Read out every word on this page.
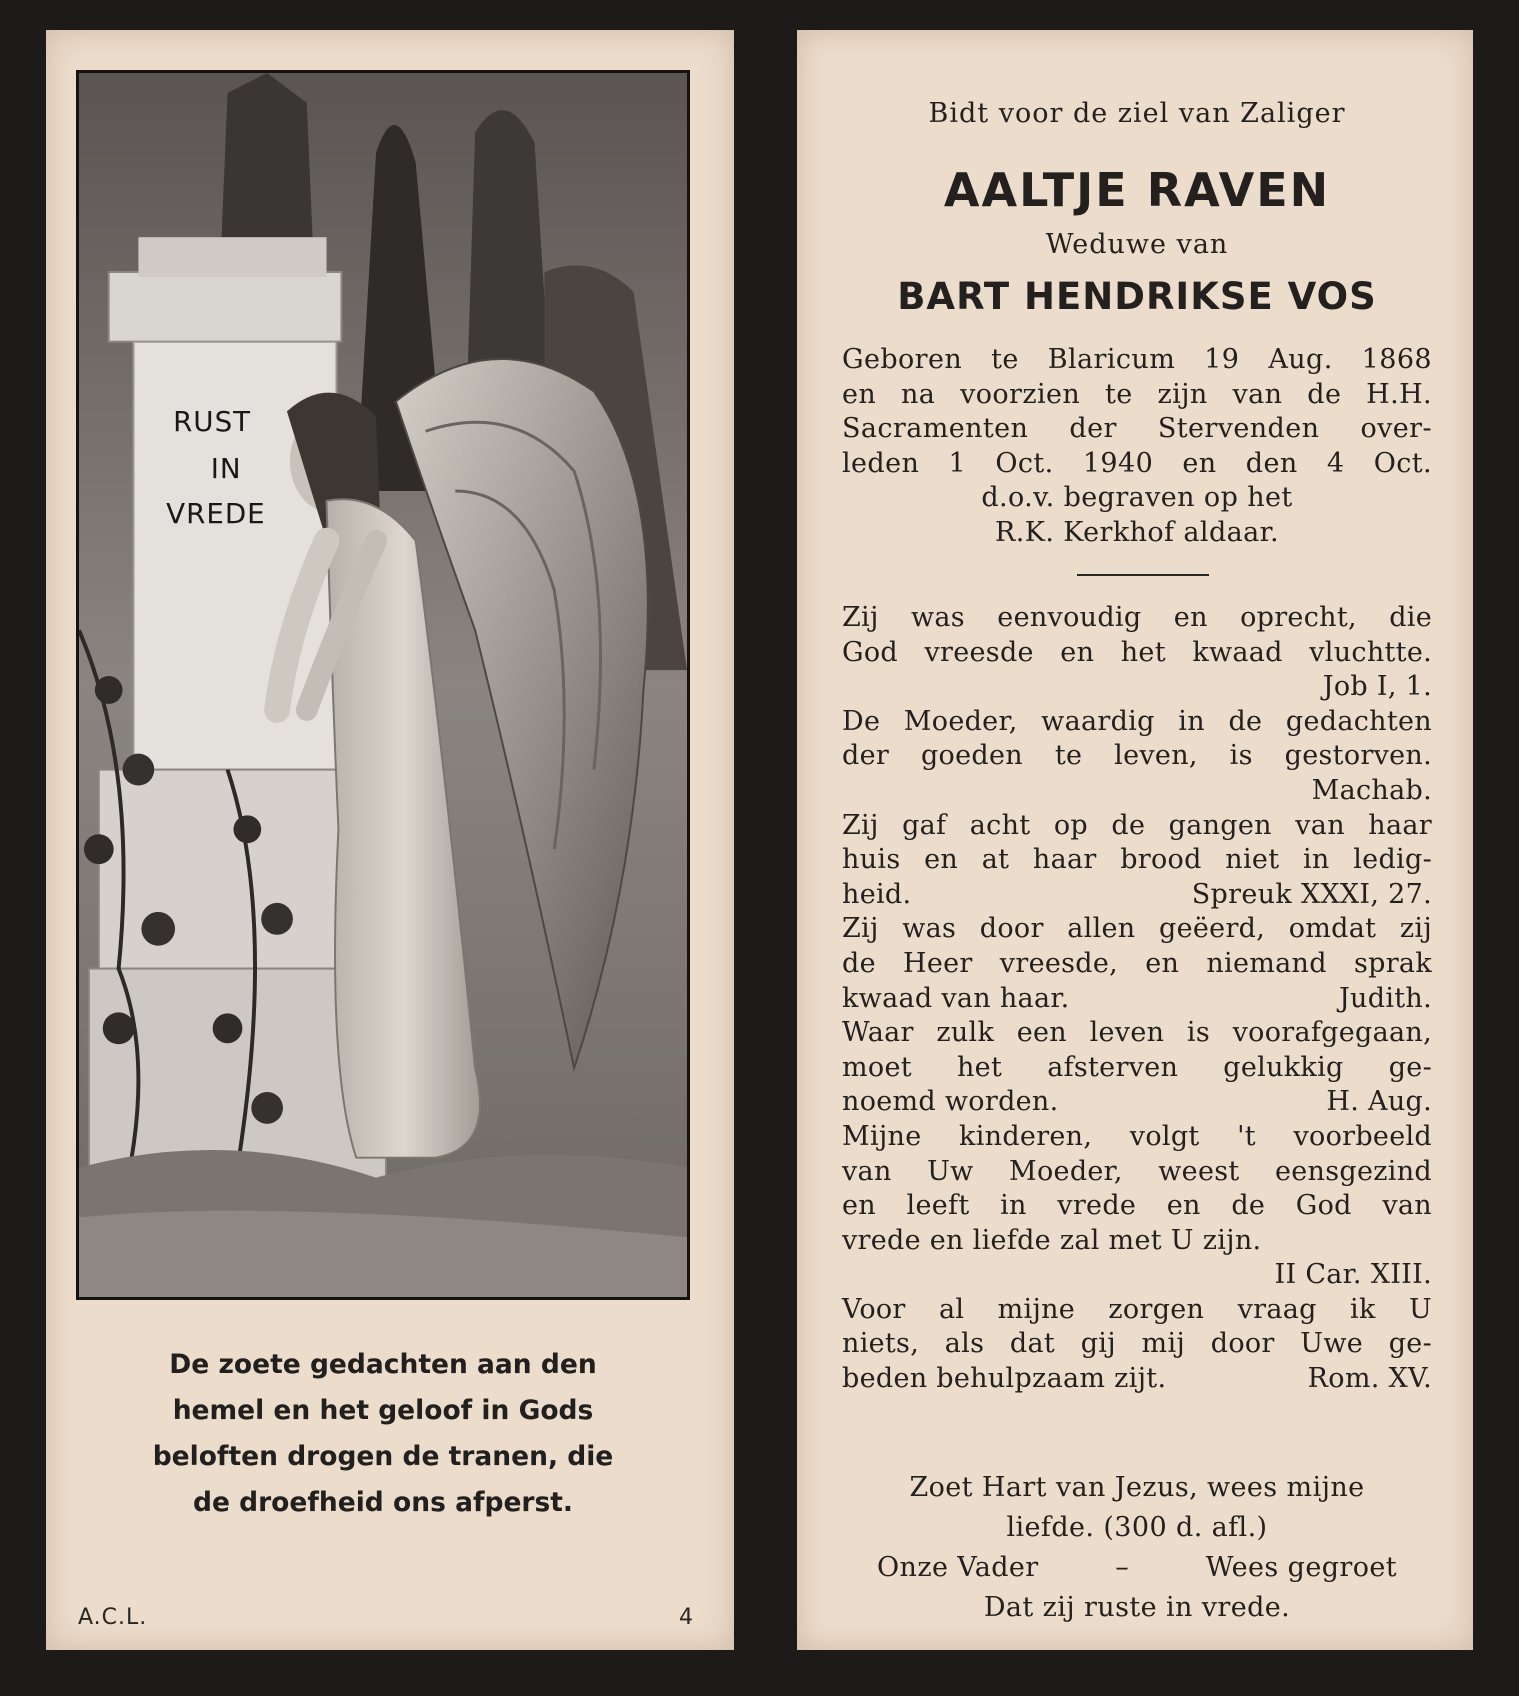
RUST
IN
VREDE
De zoete gedachten aan den
hemel en het geloof in Gods
beloften drogen de tranen, die
de droefheid ons afperst.
A.C.L.	4
Bidt voor de ziel van Zaliger
AALTJE RAVEN
Weduwe van
BART HENDRIKSE VOS
Geboren te Blaricum 19 Aug. 1868
en na voorzien te zijn van de H.H.
Sacramenten der Stervenden over-
leden 1 Oct. 1940 en den 4 Oct.
d.o.v. begraven op het
R.K. Kerkhof aldaar.
Zij was eenvoudig en oprecht, die
God vreesde en het kwaad vluchtte.
Job I, 1.
De Moeder, waardig in de gedachten
der goeden te leven, is gestorven.
Machab.
Zij gaf acht op de gangen van haar
huis en at haar brood niet in ledig-
heid.	Spreuk XXXI, 27.
Zij was door allen geëerd, omdat zij
de Heer vreesde, en niemand sprak
kwaad van haar.	Judith.
Waar zulk een leven is voorafgegaan,
moet het afsterven gelukkig ge-
noemd worden.	H. Aug.
Mijne kinderen, volgt 't voorbeeld
van Uw Moeder, weest eensgezind
en leeft in vrede en de God van
vrede en liefde zal met U zijn.
II Car. XIII.
Voor al mijne zorgen vraag ik U
niets, als dat gij mij door Uwe ge-
beden behulpzaam zijt.	Rom. XV.
Zoet Hart van Jezus, wees mijne
liefde. (300 d. afl.)
Onze Vader	–	Wees gegroet
Dat zij ruste in vrede.
